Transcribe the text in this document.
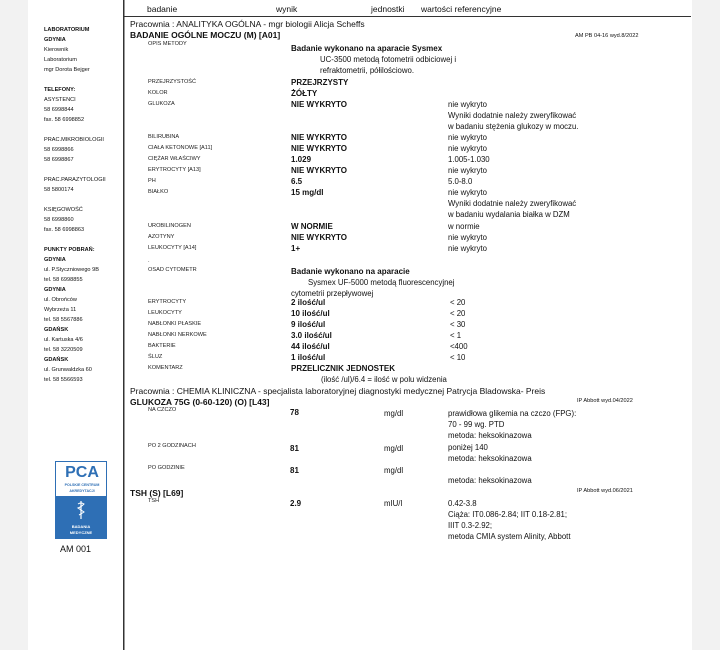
badanie	wynik	jednostki wartości referencyjne
LABORATORIUM
GDYNIA
Kierownik
Laboratorium
mgr Dorota Bejger
TELEFONY:
ASYSTENCI
58 6998844
fax. 58 6998852
PRAC.MIKROBIOLOGII
58 6998866
58 6998867
PRAC.PARAZYTOLOGII
58 5800174
KSIĘGOWOŚĆ
58 6998860
fax. 58 6998863
PUNKTY POBRAŃ:
GDYNIA
ul. P.Styczniowego 9B
tel. 58 6998855
GDYNIA
ul. Obrońców
Wybrzeża 11
tel. 58 5567886
GDAŃSK
ul. Kartuska 4/6
tel. 58 3220509
GDAŃSK
ul. Grunwaldzka 60
tel. 58 5566593
PCA
POLSKIE CENTRUM
AKREDYTACJI
BADANIA
MEDYCZNE
AM 001
Pracownia : ANALITYKA OGÓLNA - mgr biologii Alicja Scheffs
BADANIE OGÓLNE MOCZU (M) [A01]	AM PB 04-16 wyd.8/2022
OPIS METODY	Badanie wykonano na aparacie Sysmex
UC-3500 metodą fotometrii odbiciowej i
refraktometrii, półilościowo.
PRZEJRZYSTOŚĆ	PRZEJRZYSTY
KOLOR	ŻÓŁTY
GLUKOZA	NIE WYKRYTO	nie wykryto
Wyniki dodatnie należy zweryfikować
w badaniu stężenia glukozy w moczu.
BILIRUBINA	NIE WYKRYTO	nie wykryto
CIAŁA KETONOWE [A11]	NIE WYKRYTO	nie wykryto
CIĘŻAR WŁAŚCIWY	1.029	1.005-1.030
ERYTROCYTY [A13]	NIE WYKRYTO	nie wykryto
PH	6.5	5.0-8.0
BIAŁKO	15 mg/dl	nie wykryto
Wyniki dodatnie należy zweryfikować
w badaniu wydalania białka w DZM
UROBILINOGEN	W NORMIE	w normie
AZOTYNY	NIE WYKRYTO	nie wykryto
LEUKOCYTY [A14]	1+	nie wykryto
.
OSAD CYTOMETR	Badanie wykonano na aparacie
Sysmex UF-5000 metodą fluorescencyjnej
cytometrii przepływowej
ERYTROCYTY	2 ilość/ul	< 20
LEUKOCYTY	10 ilość/ul	< 20
NABŁONKI PŁASKIE	9 ilość/ul	< 30
NABŁONKI NERKOWE	3.0 ilość/ul	< 1
BAKTERIE	44 ilość/ul	<400
ŚLUZ	1 ilość/ul	< 10
KOMENTARZ	PRZELICZNIK JEDNOSTEK
(ilość /ul)/6.4 = ilość w polu widzenia
Pracownia : CHEMIA KLINICZNA - specjalista laboratoryjnej diagnostyki medycznej Patrycja Bladowska- Preis
GLUKOZA 75G (0-60-120) (O) [L43]	IP Abbott wyd.04/2022
NA CZCZO	78	mg/dl	prawidłowa glikemia na czczo (FPG):
70 - 99 wg. PTD
metoda: heksokinazowa
PO 2 GODZINACH	81	mg/dl	poniżej 140
metoda: heksokinazowa
PO GODZINIE	81	mg/dl
metoda: heksokinazowa
TSH (S) [L69]	IP Abbott wyd.06/2021
TSH	2.9	mIU/l	0.42-3.8
Ciąża: IT0.086-2.84; IIT 0.18-2.81;
IIIT 0.3-2.92;
metoda CMIA system Alinity, Abbott
